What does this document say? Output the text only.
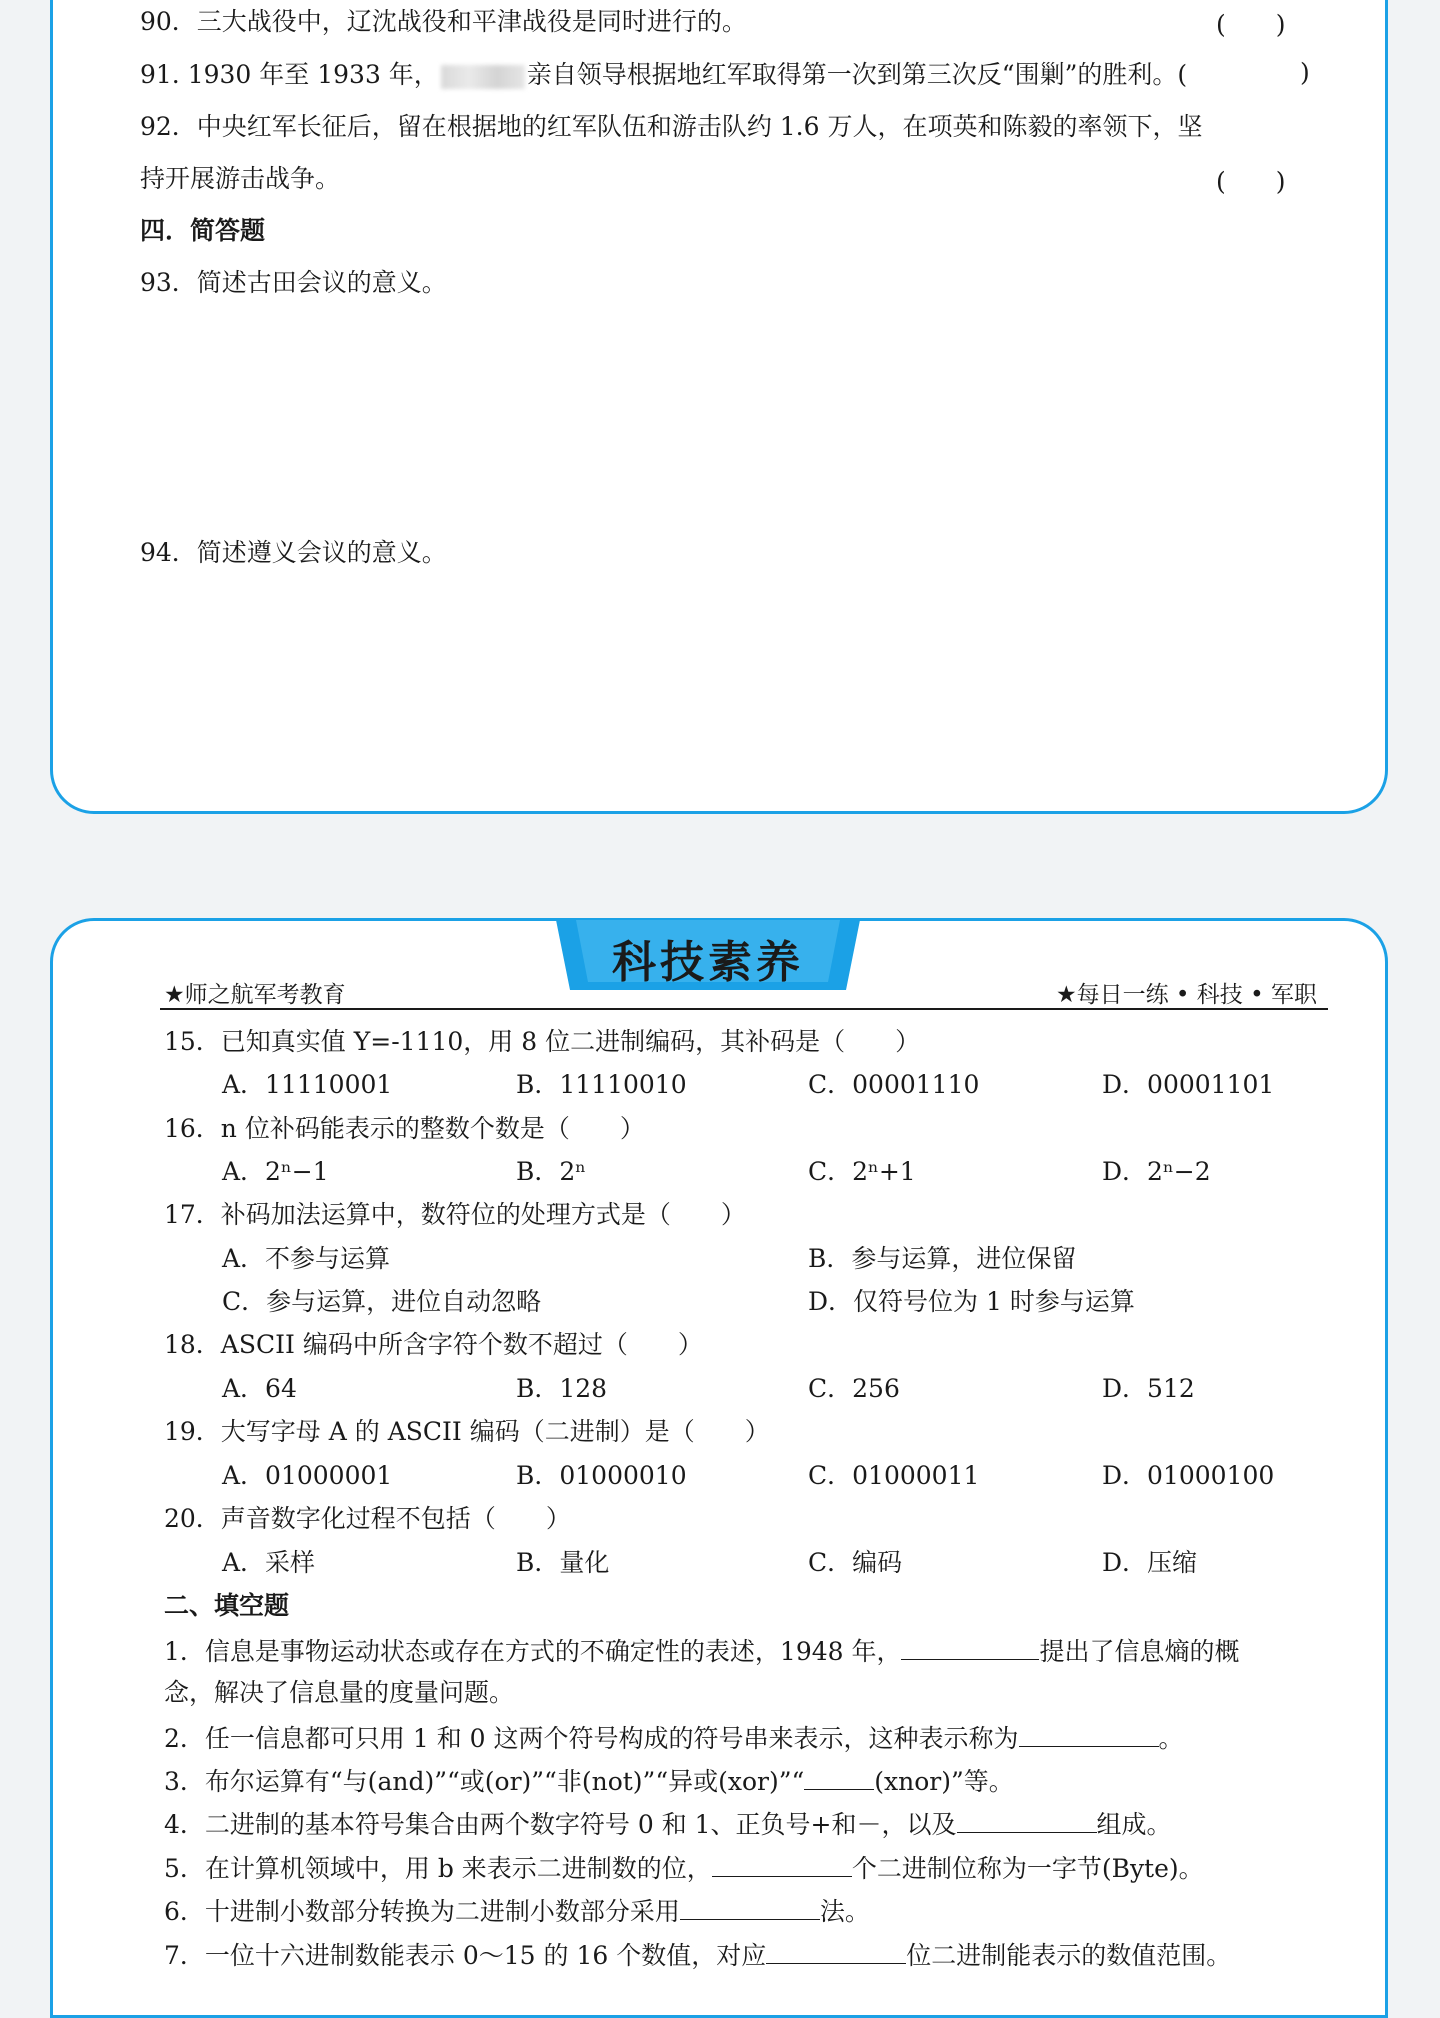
90．三大战役中，辽沈战役和平津战役是同时进行的。	(　　)
91. 1930 年至 1933 年，	亲自领导根据地红军取得第一次到第三次反“围剿”的胜利。(	)
92．中央红军长征后，留在根据地的红军队伍和游击队约 1.6 万人，在项英和陈毅的率领下，坚
持开展游击战争。	(　　)
四．简答题
93．简述古田会议的意义。
94．简述遵义会议的意义。
科技素养
★师之航军考教育	★每日一练 • 科技 • 军职
15．已知真实值 Y=-1110，用 8 位二进制编码，其补码是（　　）
A．11110001	B．11110010	C．00001110	D．00001101
16．n 位补码能表示的整数个数是（　　）
A．2ⁿ−1	B．2ⁿ	C．2ⁿ+1	D．2ⁿ−2
17．补码加法运算中，数符位的处理方式是（　　）
A．不参与运算	B．参与运算，进位保留
C．参与运算，进位自动忽略	D．仅符号位为 1 时参与运算
18．ASCII 编码中所含字符个数不超过（　　）
A．64	B．128	C．256	D．512
19．大写字母 A 的 ASCII 编码（二进制）是（　　）
A．01000001	B．01000010	C．01000011	D．01000100
20．声音数字化过程不包括（　　）
A．采样	B．量化	C．编码	D．压缩
二、填空题
1．信息是事物运动状态或存在方式的不确定性的表述，1948 年，	提出了信息熵的概
念，解决了信息量的度量问题。
2．任一信息都可只用 1 和 0 这两个符号构成的符号串来表示，这种表示称为	。
3．布尔运算有“与(and)”“或(or)”“非(not)”“异或(xor)”“	(xnor)”等。
4．二进制的基本符号集合由两个数字符号 0 和 1、正负号+和－，以及	组成。
5．在计算机领域中，用 b 来表示二进制数的位，	个二进制位称为一字节(Byte)。
6．十进制小数部分转换为二进制小数部分采用	法。
7．一位十六进制数能表示 0～15 的 16 个数值，对应	位二进制能表示的数值范围。
